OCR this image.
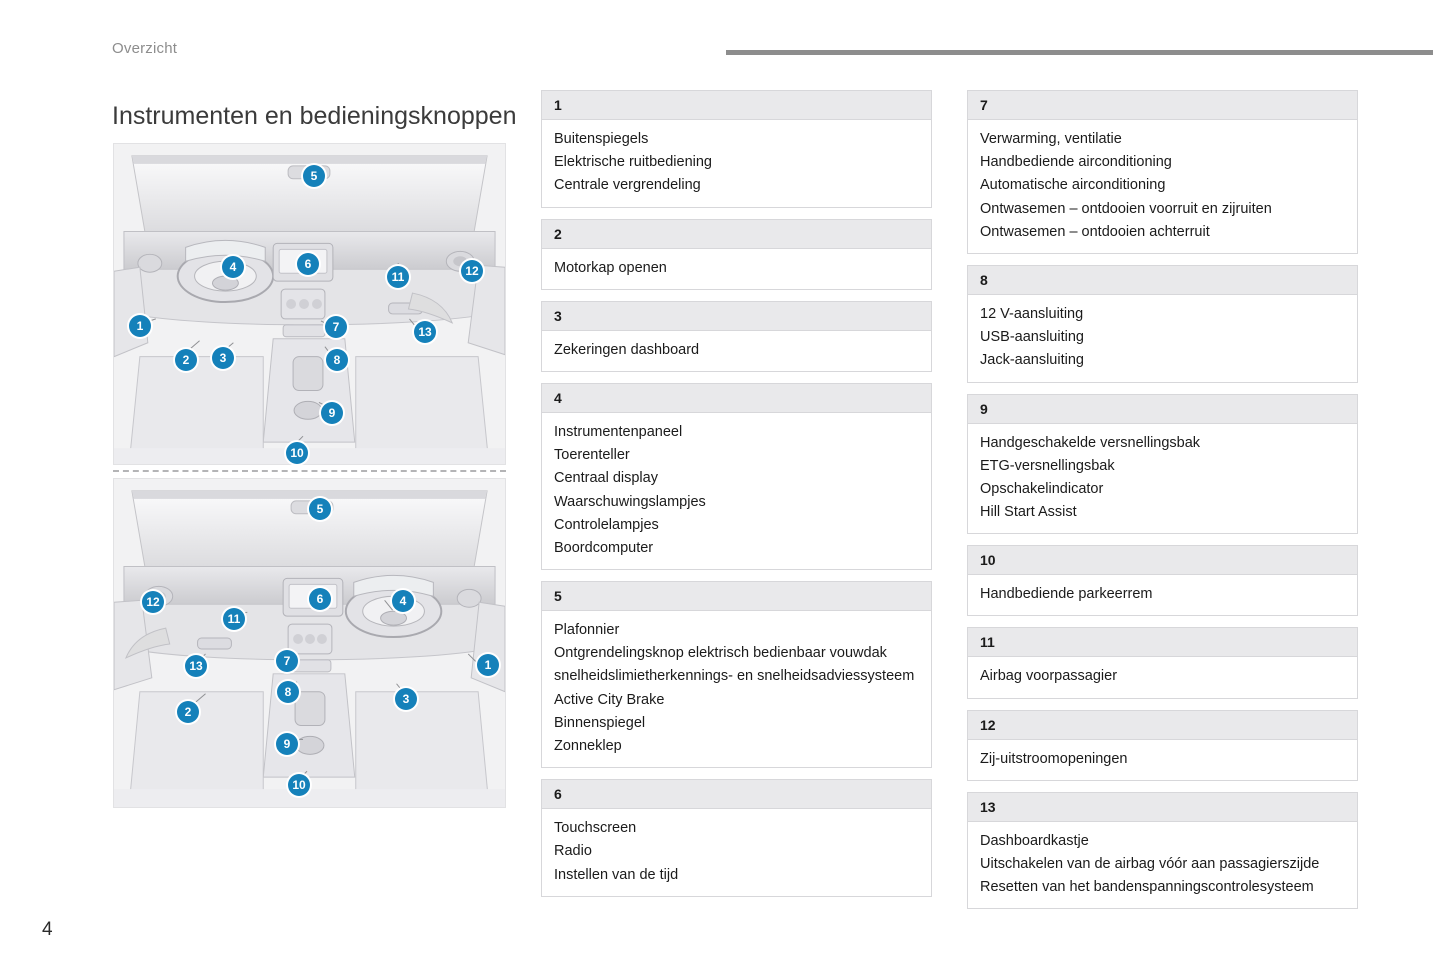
Overzicht
Instrumenten en bedieningsknoppen
5
4	6
11	12
1	7	13
2	3	8
9
10
5
6	4
12
11
13	7	1
8	3
2
9
10
1

Buitenspiegels

Elektrische ruitbediening

Centrale vergrendeling

2

Motorkap openen

3

Zekeringen dashboard

4

Instrumentenpaneel

Toerenteller

Centraal display

Waarschuwingslampjes

Controlelampjes

Boordcomputer

5

Plafonnier

Ontgrendelingsknop elektrisch bedienbaar vouwdak

snelheidslimietherkennings- en snelheidsadviessysteem

Active City Brake

Binnenspiegel

Zonneklep

6

Touchscreen

Radio

Instellen van de tijd

7

Verwarming, ventilatie

Handbediende airconditioning

Automatische airconditioning

Ontwasemen – ontdooien voorruit en zijruiten

Ontwasemen – ontdooien achterruit

8

12 V-aansluiting

USB-aansluiting

Jack-aansluiting

9

Handgeschakelde versnellingsbak

ETG-versnellingsbak

Opschakelindicator

Hill Start Assist

10

Handbediende parkeerrem

11

Airbag voorpassagier

12

Zij-uitstroomopeningen

13

Dashboardkastje

Uitschakelen van de airbag vóór aan passagierszijde

Resetten van het bandenspanningscontrolesysteem

4
